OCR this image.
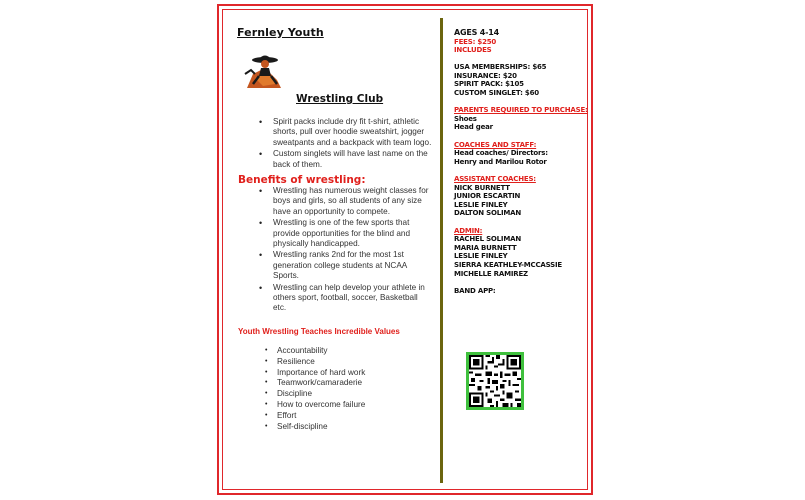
Fernley Youth
Wrestling Club
• Spirit packs include dry fit t-shirt, athletic shorts, pull over hoodie sweatshirt, jogger sweatpants and a backpack with team logo.
• Custom singlets will have last name on the back of them.
Benefits of wrestling:
• Wrestling has numerous weight classes for boys and girls, so all students of any size have an opportunity to compete.
• Wrestling is one of the few sports that provide opportunities for the blind and physically handicapped.
• Wrestling ranks 2nd for the most 1st generation college students at NCAA Sports.
• Wrestling can help develop your athlete in others sport, football, soccer, Basketball etc.
Youth Wrestling Teaches Incredible Values
• Accountability
• Resilience
• Importance of hard work
• Teamwork/camaraderie
• Discipline
• How to overcome failure
• Effort
• Self-discipline
AGES 4-14
FEES: $250
INCLUDES
USA MEMBERSHIPS: $65
INSURANCE: $20
SPIRIT PACK: $105
CUSTOM SINGLET: $60
PARENTS REQUIRED TO PURCHASE:
Shoes
Head gear
COACHES AND STAFF:
Head coaches/ Directors:
Henry and Marilou Rotor
ASSISTANT COACHES:
NICK BURNETT
JUNIOR ESCARTIN
LESLIE FINLEY
DALTON SOLIMAN
ADMIN:
RACHEL SOLIMAN
MARIA BURNETT
LESLIE FINLEY
SIERRA KEATHLEY-MCCASSIE
MICHELLE RAMIREZ
BAND APP:
